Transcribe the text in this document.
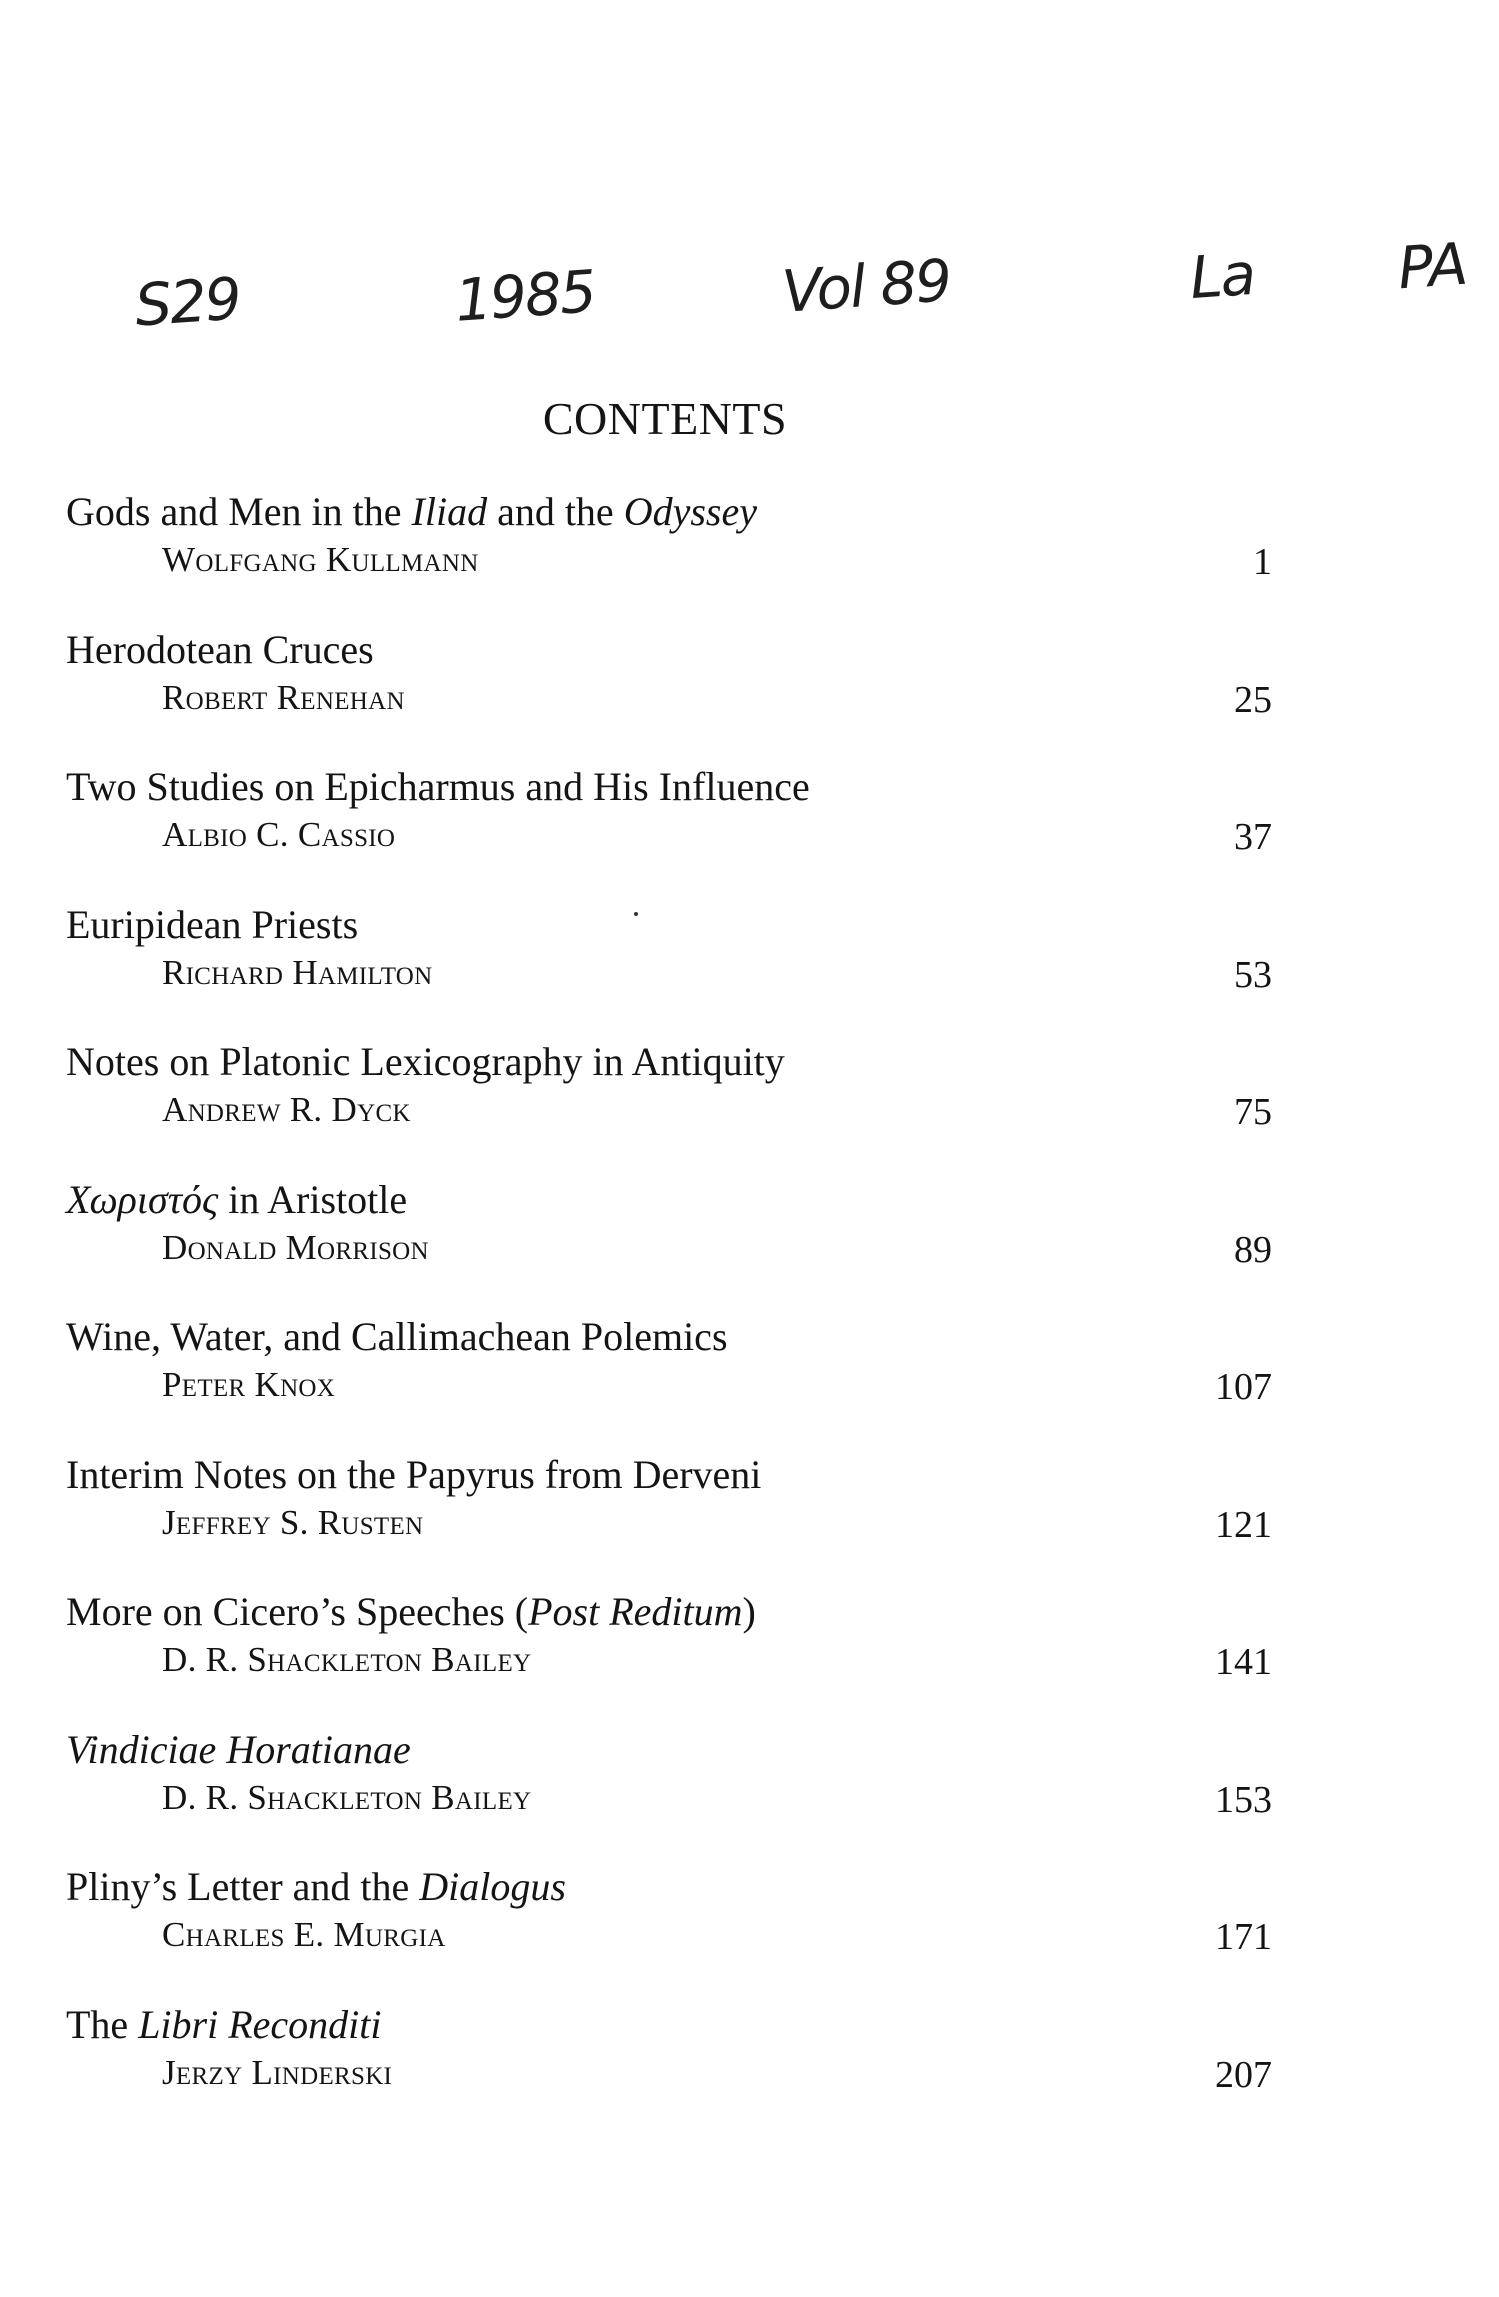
S29	1985	Vol 89	La PA
CONTENTS
Gods and Men in the Iliad and the Odyssey
Wolfgang Kullmann	1
Herodotean Cruces
Robert Renehan	25
Two Studies on Epicharmus and His Influence
Albio C. Cassio	37
Euripidean Priests
Richard Hamilton	53
Notes on Platonic Lexicography in Antiquity
Andrew R. Dyck	75
Χωριστός in Aristotle
Donald Morrison	89
Wine, Water, and Callimachean Polemics
Peter Knox	107
Interim Notes on the Papyrus from Derveni
Jeffrey S. Rusten	121
More on Cicero’s Speeches (Post Reditum)
D. R. Shackleton Bailey	141
Vindiciae Horatianae
D. R. Shackleton Bailey	153
Pliny’s Letter and the Dialogus
Charles E. Murgia	171
The Libri Reconditi
Jerzy Linderski	207
